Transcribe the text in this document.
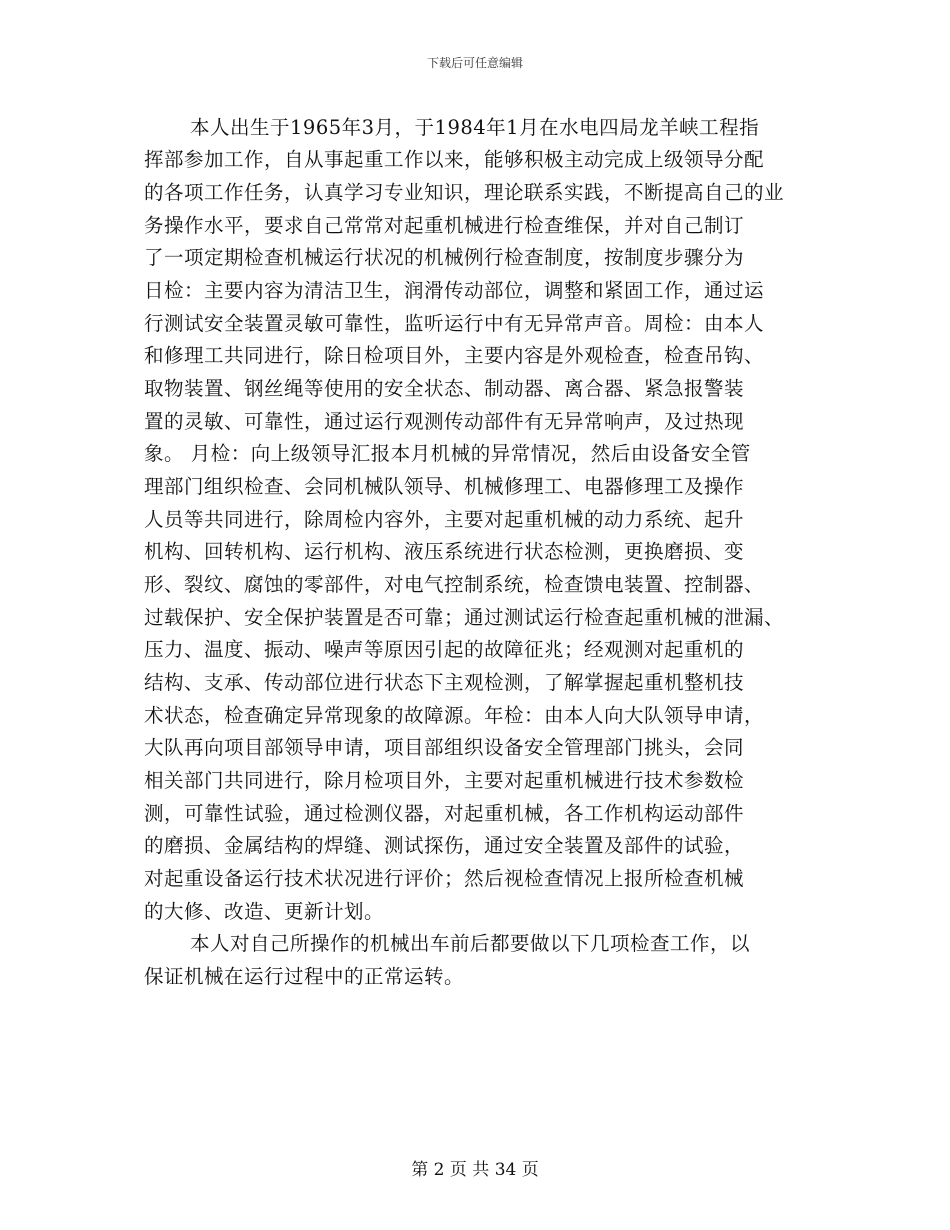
下载后可任意编辑
本人出生于1965年3月，于1984年1月在水电四局龙羊峡工程指
挥部参加工作，自从事起重工作以来，能够积极主动完成上级领导分配
的各项工作任务，认真学习专业知识，理论联系实践，不断提高自己的业
务操作水平，要求自己常常对起重机械进行检查维保，并对自己制订
了一项定期检查机械运行状况的机械例行检查制度，按制度步骤分为
日检：主要内容为清洁卫生，润滑传动部位，调整和紧固工作，通过运
行测试安全装置灵敏可靠性，监听运行中有无异常声音。周检：由本人
和修理工共同进行，除日检项目外，主要内容是外观检查，检查吊钩、
取物装置、钢丝绳等使用的安全状态、制动器、离合器、紧急报警装
置的灵敏、可靠性，通过运行观测传动部件有无异常响声，及过热现
象。 月检：向上级领导汇报本月机械的异常情况，然后由设备安全管
理部门组织检查、会同机械队领导、机械修理工、电器修理工及操作
人员等共同进行，除周检内容外，主要对起重机械的动力系统、起升
机构、回转机构、运行机构、液压系统进行状态检测，更换磨损、变
形、裂纹、腐蚀的零部件，对电气控制系统，检查馈电装置、控制器、
过载保护、安全保护装置是否可靠；通过测试运行检查起重机械的泄漏、
压力、温度、振动、噪声等原因引起的故障征兆；经观测对起重机的
结构、支承、传动部位进行状态下主观检测，了解掌握起重机整机技
术状态，检查确定异常现象的故障源。年检：由本人向大队领导申请，
大队再向项目部领导申请，项目部组织设备安全管理部门挑头，会同
相关部门共同进行，除月检项目外，主要对起重机械进行技术参数检
测，可靠性试验，通过检测仪器，对起重机械，各工作机构运动部件
的磨损、金属结构的焊缝、测试探伤，通过安全装置及部件的试验，
对起重设备运行技术状况进行评价；然后视检查情况上报所检查机械
的大修、改造、更新计划。
本人对自己所操作的机械出车前后都要做以下几项检查工作，以
保证机械在运行过程中的正常运转。
第 2 页 共 34 页
